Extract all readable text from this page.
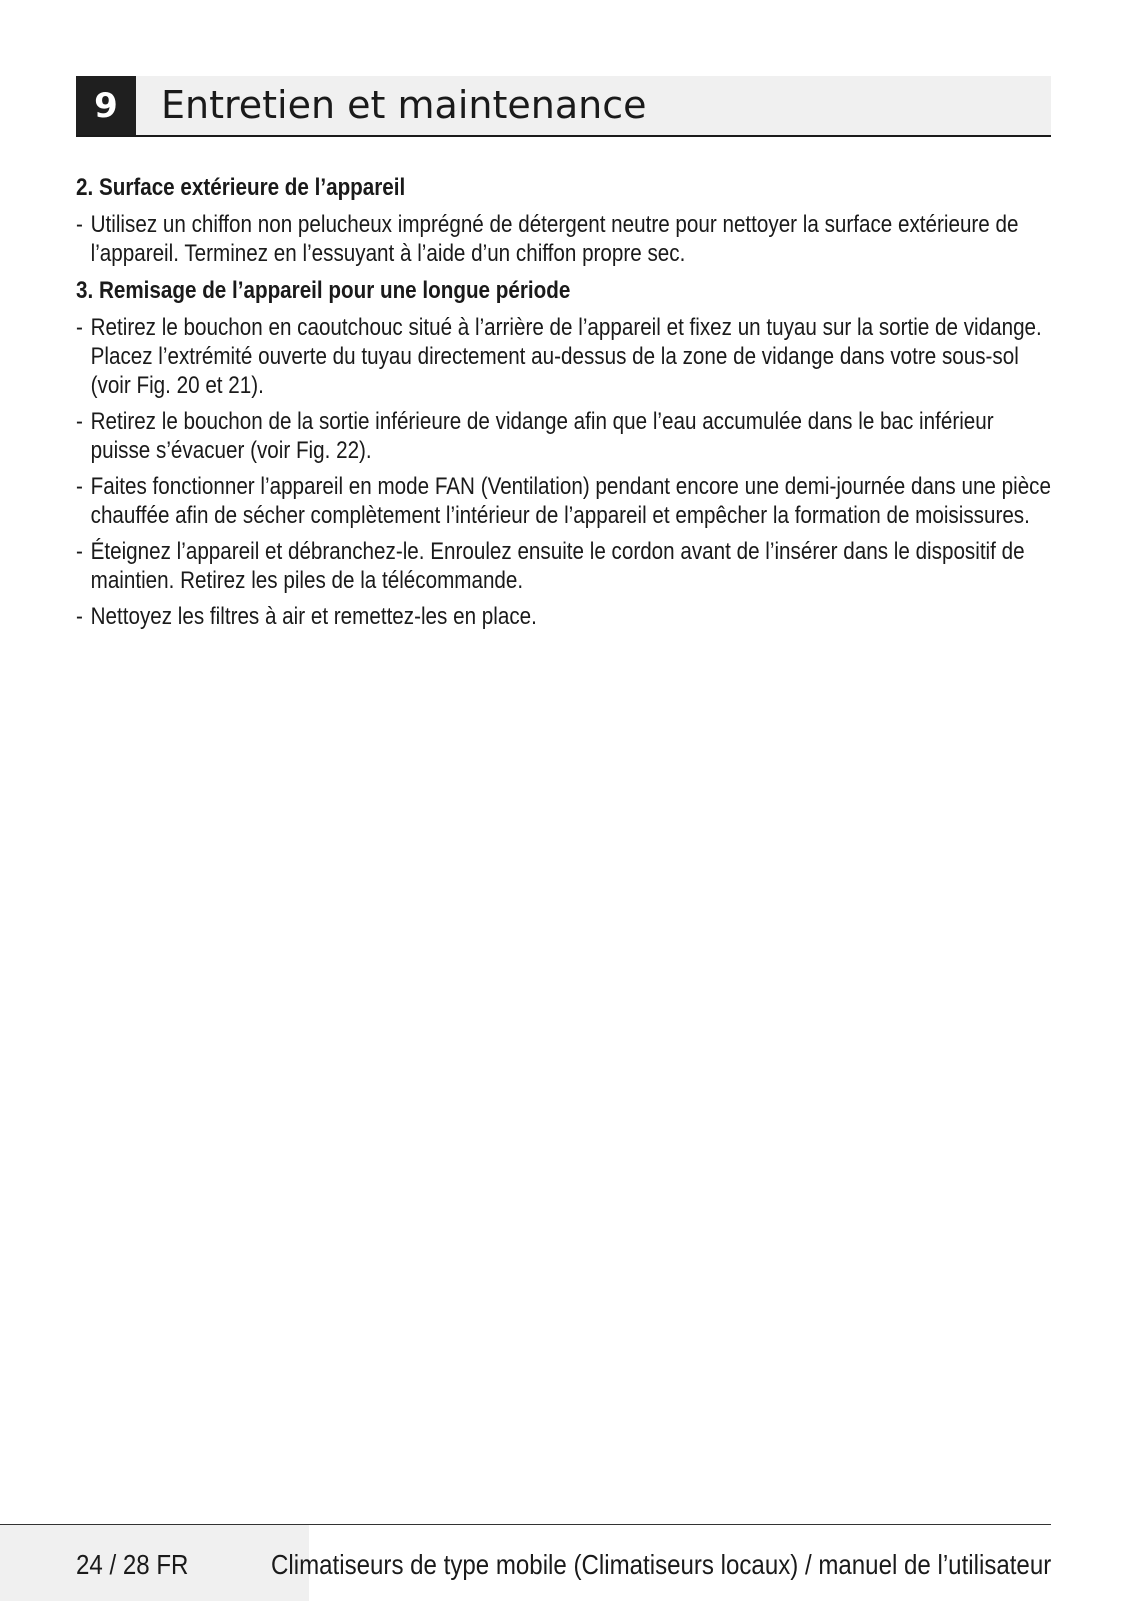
9	Entretien et maintenance
2. Surface extérieure de l’appareil
- Utilisez un chiffon non pelucheux imprégné de détergent neutre pour nettoyer la surface extérieure de l’appareil. Terminez en l’essuyant à l’aide d’un chiffon propre sec.
3. Remisage de l’appareil pour une longue période
- Retirez le bouchon en caoutchouc situé à l’arrière de l’appareil et fixez un tuyau sur la sortie de vidange. Placez l’extrémité ouverte du tuyau directement au-dessus de la zone de vidange dans votre sous-sol (voir Fig. 20 et 21).
- Retirez le bouchon de la sortie inférieure de vidange afin que l’eau accumulée dans le bac inférieur puisse s’évacuer (voir Fig. 22).
- Faites fonctionner l’appareil en mode FAN (Ventilation) pendant encore une demi-journée dans une pièce chauffée afin de sécher complètement l’intérieur de l’appareil et empêcher la formation de moisissures.
- Éteignez l’appareil et débranchez-le. Enroulez ensuite le cordon avant de l’insérer dans le dispositif de maintien. Retirez les piles de la télécommande.
- Nettoyez les filtres à air et remettez-les en place.
24 / 28 FR	Climatiseurs de type mobile (Climatiseurs locaux) / manuel de l’utilisateur
